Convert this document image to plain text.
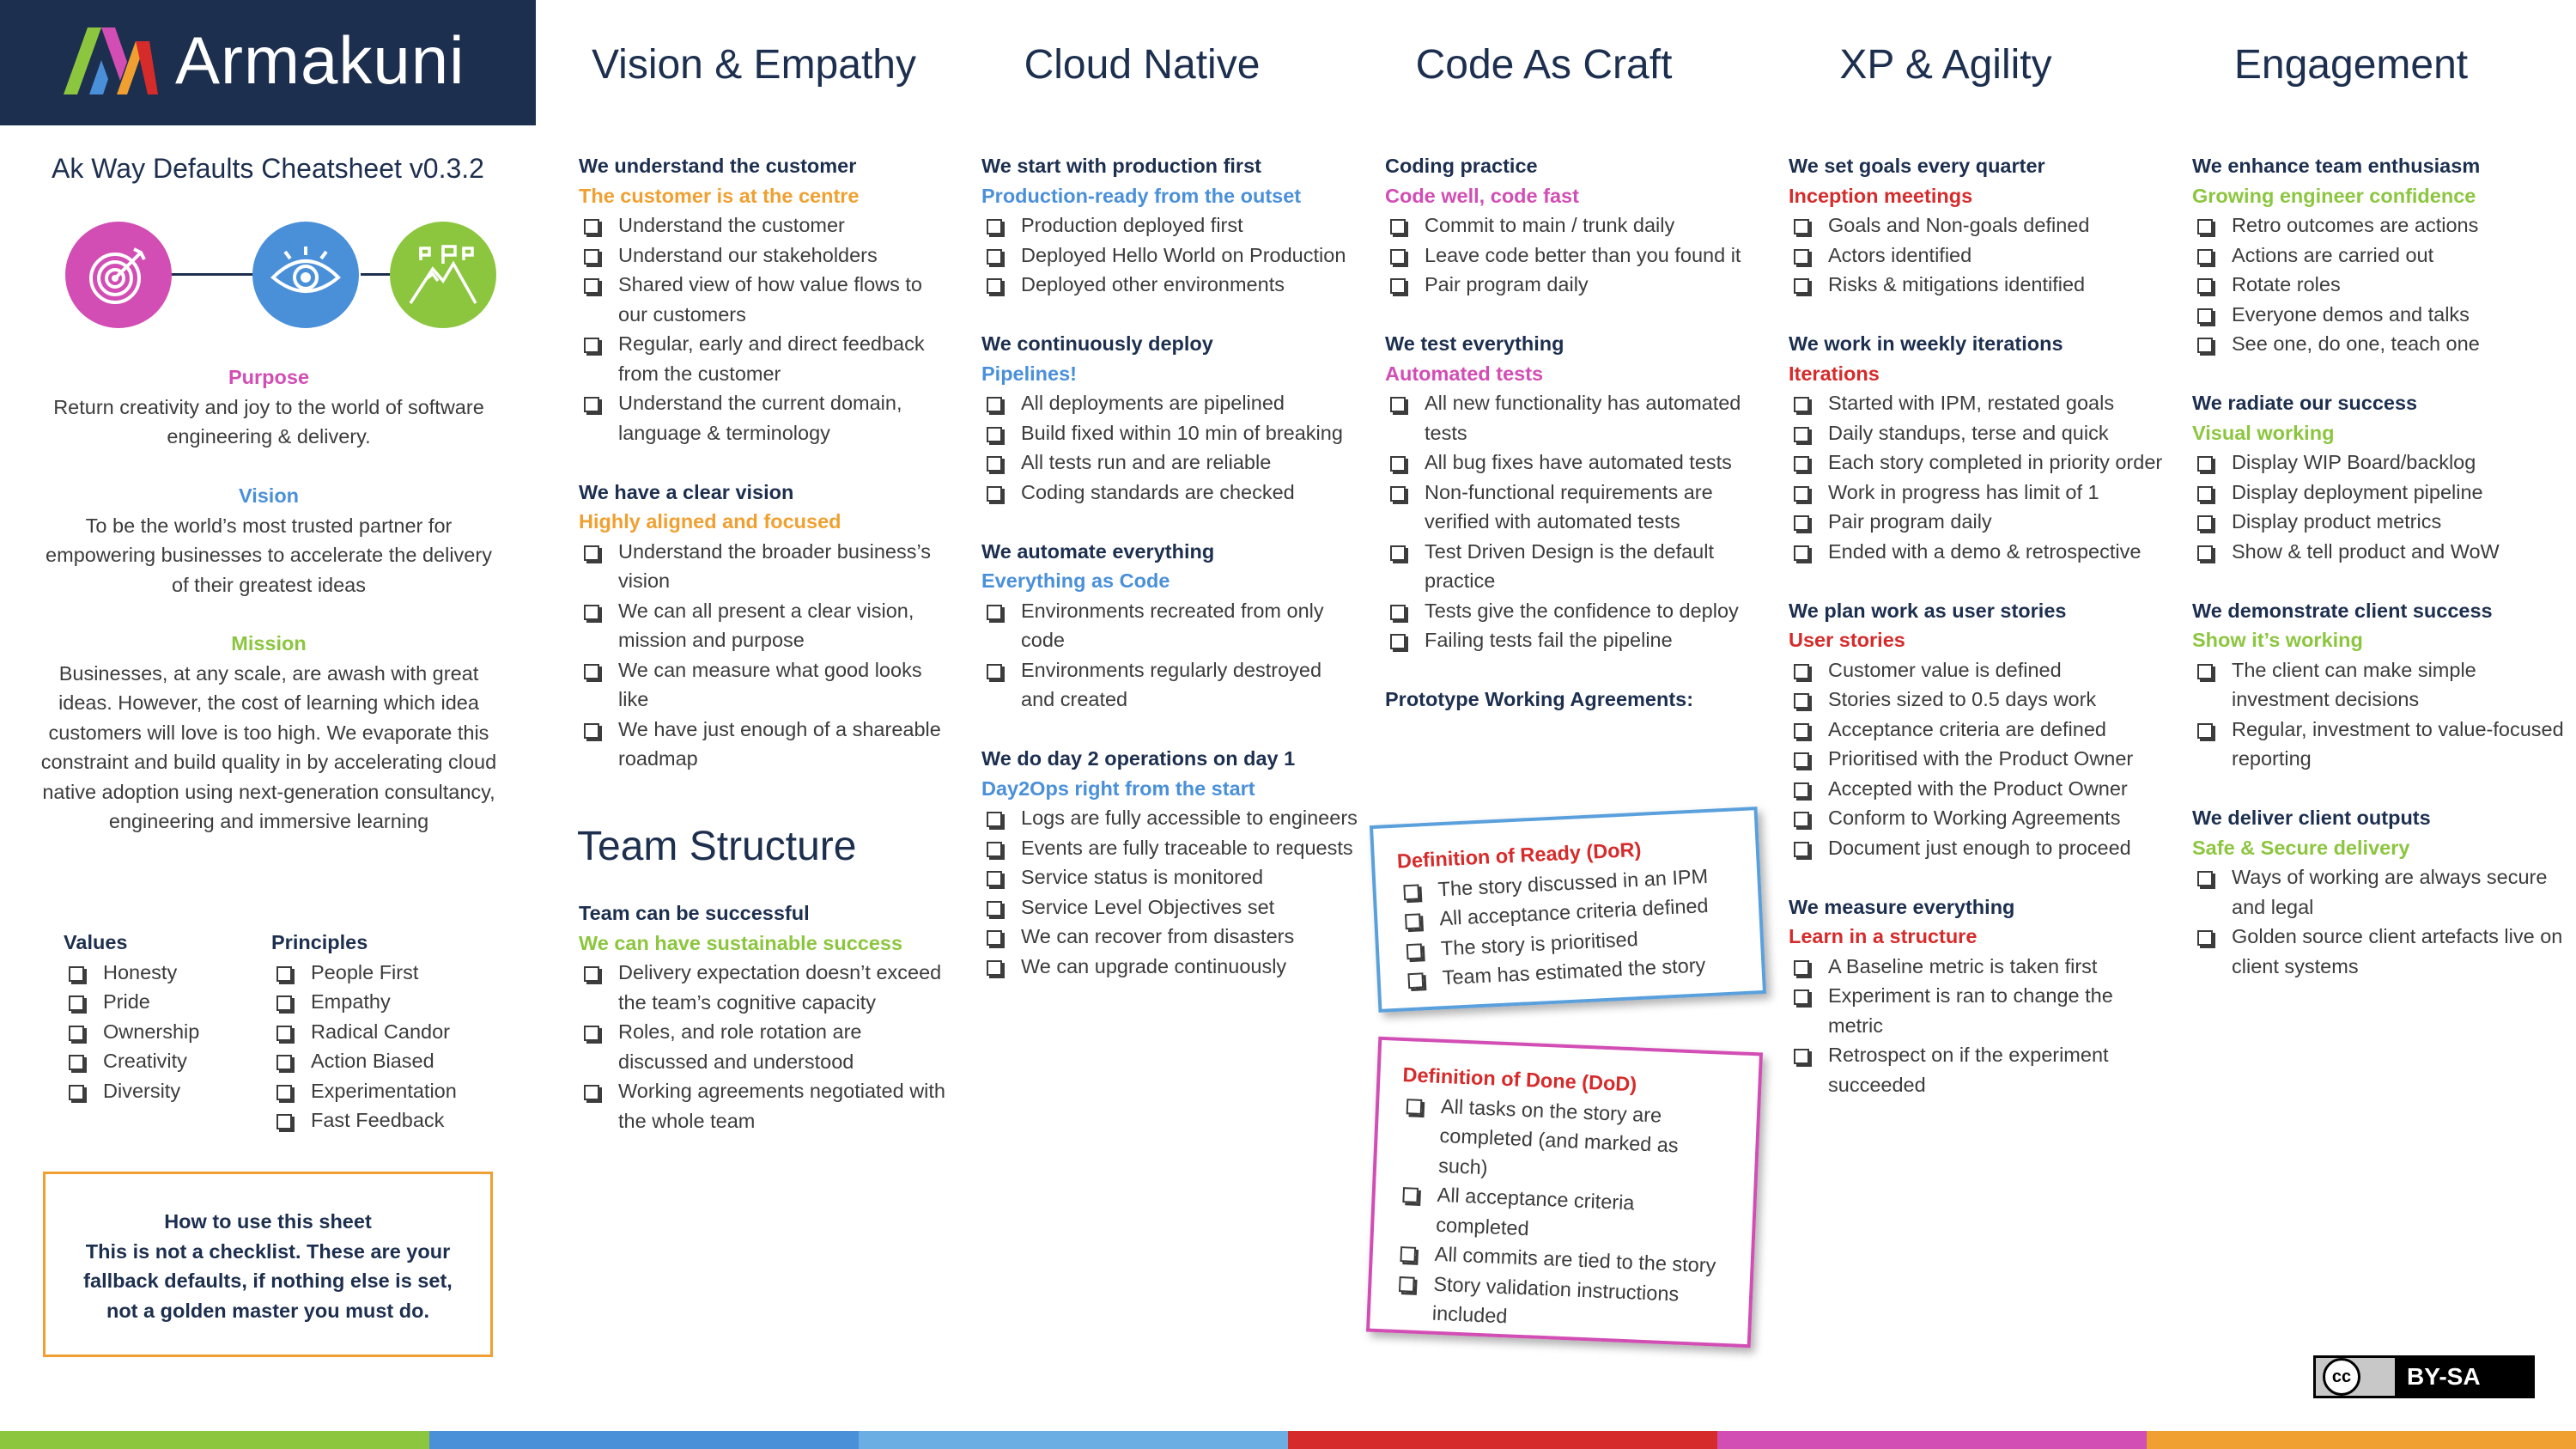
Armakuni
Ak Way Defaults Cheatsheet v0.3.2
Purpose
Return creativity and joy to the world of software engineering & delivery.
Vision
To be the world’s most trusted partner for empowering businesses to accelerate the delivery of their greatest ideas
Mission
Businesses, at any scale, are awash with great ideas. However, the cost of learning which idea customers will love is too high. We evaporate this constraint and build quality in by accelerating cloud native adoption using next-generation consultancy, engineering and immersive learning
Values
Honesty
Pride
Ownership
Creativity
Diversity
Principles
People First
Empathy
Radical Candor
Action Biased
Experimentation
Fast Feedback
How to use this sheet
This is not a checklist. These are your fallback defaults, if nothing else is set, not a golden master you must do.
Vision & Empathy	Cloud Native	Code As Craft	XP & Agility	Engagement
We understand the customer
The customer is at the centre
Understand the customer
Understand our stakeholders
Shared view of how value flows to our customers
Regular, early and direct feedback from the customer
Understand the current domain, language & terminology
We have a clear vision
Highly aligned and focused
Understand the broader business’s vision
We can all present a clear vision, mission and purpose
We can measure what good looks like
We have just enough of a shareable roadmap
We start with production first
Production-ready from the outset
Production deployed first
Deployed Hello World on Production
Deployed other environments
We continuously deploy
Pipelines!
All deployments are pipelined
Build fixed within 10 min of breaking
All tests run and are reliable
Coding standards are checked
We automate everything
Everything as Code
Environments recreated from only code
Environments regularly destroyed and created
We do day 2 operations on day 1
Day2Ops right from the start
Logs are fully accessible to engineers
Events are fully traceable to requests
Service status is monitored
Service Level Objectives set
We can recover from disasters
We can upgrade continuously
Coding practice
Code well, code fast
Commit to main / trunk daily
Leave code better than you found it
Pair program daily
We test everything
Automated tests
All new functionality has automated tests
All bug fixes have automated tests
Non-functional requirements are verified with automated tests
Test Driven Design is the default practice
Tests give the confidence to deploy
Failing tests fail the pipeline
Prototype Working Agreements:
We set goals every quarter
Inception meetings
Goals and Non-goals defined
Actors identified
Risks & mitigations identified
We work in weekly iterations
Iterations
Started with IPM, restated goals
Daily standups, terse and quick
Each story completed in priority order
Work in progress has limit of 1
Pair program daily
Ended with a demo & retrospective
We plan work as user stories
User stories
Customer value is defined
Stories sized to 0.5 days work
Acceptance criteria are defined
Prioritised with the Product Owner
Accepted with the Product Owner
Conform to Working Agreements
Document just enough to proceed
We measure everything
Learn in a structure
A Baseline metric is taken first
Experiment is ran to change the metric
Retrospect on if the experiment succeeded
We enhance team enthusiasm
Growing engineer confidence
Retro outcomes are actions
Actions are carried out
Rotate roles
Everyone demos and talks
See one, do one, teach one
We radiate our success
Visual working
Display WIP Board/backlog
Display deployment pipeline
Display product metrics
Show & tell product and WoW
We demonstrate client success
Show it’s working
The client can make simple investment decisions
Regular, investment to value-focused reporting
We deliver client outputs
Safe & Secure delivery
Ways of working are always secure and legal
Golden source client artefacts live on client systems
Team Structure
Team can be successful
We can have sustainable success
Delivery expectation doesn’t exceed the team’s cognitive capacity
Roles, and role rotation are discussed and understood
Working agreements negotiated with the whole team
Definition of Ready (DoR)
The story discussed in an IPM
All acceptance criteria defined
The story is prioritised
Team has estimated the story
Definition of Done (DoD)
All tasks on the story are completed (and marked as such)
All acceptance criteria completed
All commits are tied to the story
Story validation instructions included
cc	BY-SA
